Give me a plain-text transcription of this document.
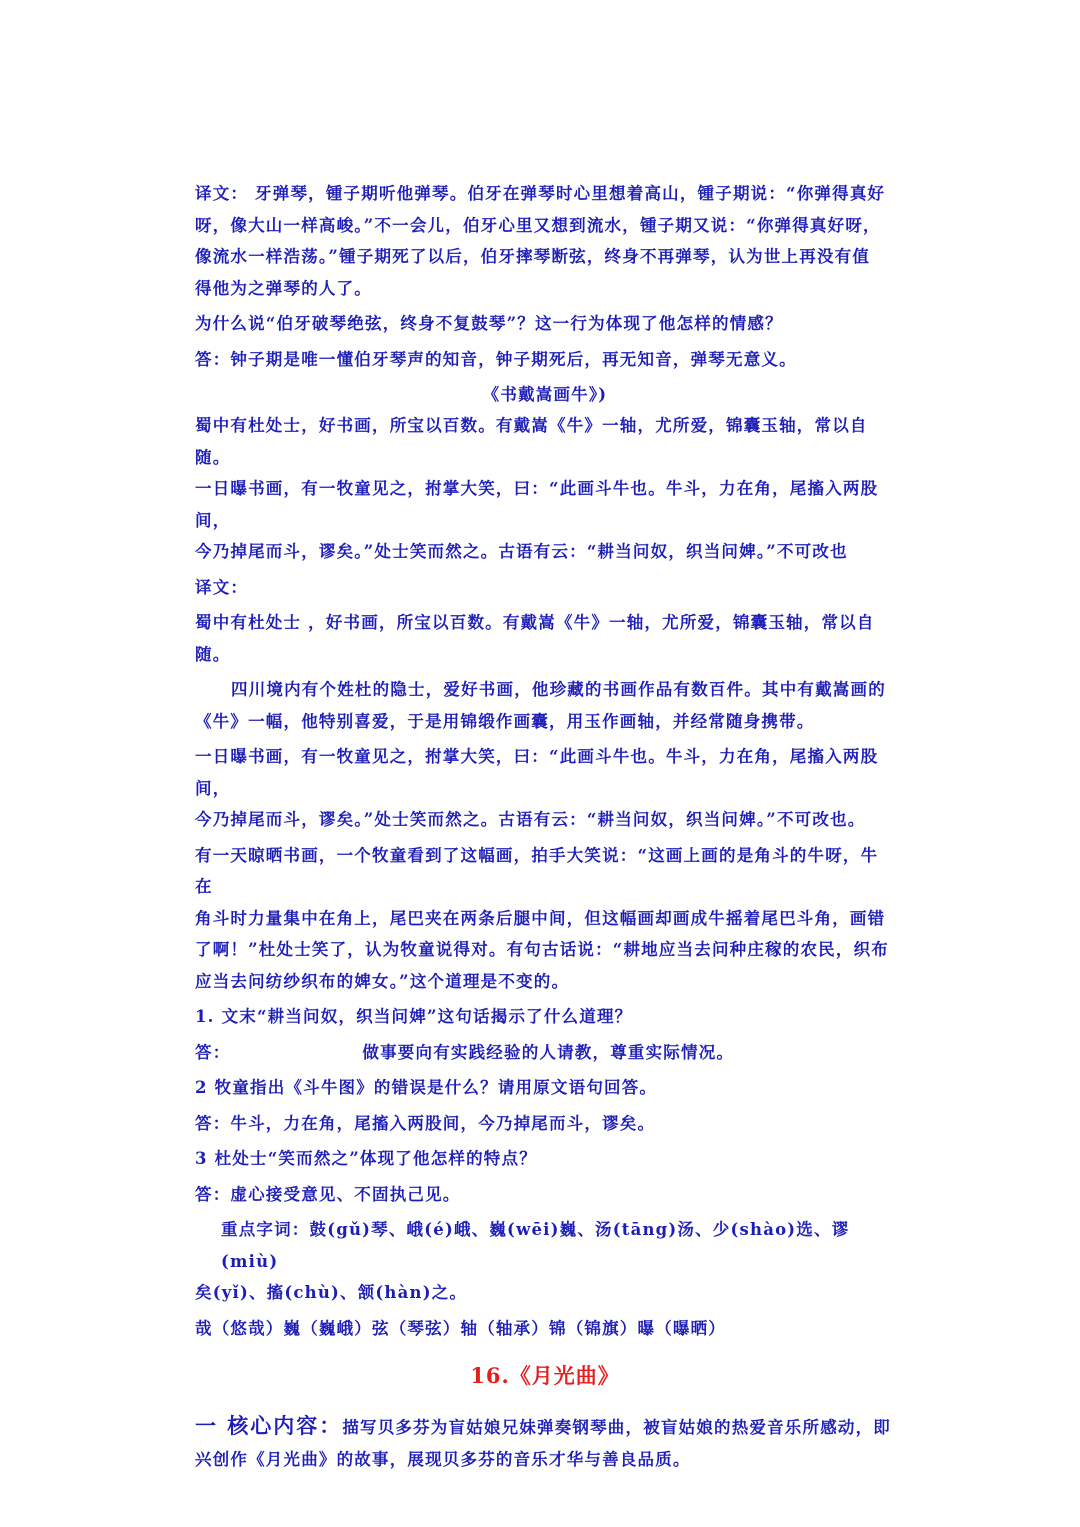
译文： 牙弹琴，锺子期听他弹琴。伯牙在弹琴时心里想着高山，锺子期说：“你弹得真好

呀，像大山一样高峻。”不一会儿，伯牙心里又想到流水，锺子期又说：“你弹得真好呀，

像流水一样浩荡。”锺子期死了以后，伯牙摔琴断弦，终身不再弹琴，认为世上再没有值

得他为之弹琴的人了。

为什么说“伯牙破琴绝弦，终身不复鼓琴”？这一行为体现了他怎样的情感？

答：钟子期是唯一懂伯牙琴声的知音，钟子期死后，再无知音，弹琴无意义。

《书戴嵩画牛》)

蜀中有杜处士，好书画，所宝以百数。有戴嵩《牛》一轴，尤所爱，锦囊玉轴，常以自随。

一日曝书画，有一牧童见之，拊掌大笑，曰：“此画斗牛也。牛斗，力在角，尾搐入两股间，

今乃掉尾而斗，谬矣。”处士笑而然之。古语有云：“耕当问奴，织当问婢。”不可改也

译文：

蜀中有杜处士 ，好书画，所宝以百数。有戴嵩《牛》一轴，尤所爱，锦囊玉轴，常以自随。

四川境内有个姓杜的隐士，爱好书画，他珍藏的书画作品有数百件。其中有戴嵩画的

《牛》一幅，他特别喜爱，于是用锦缎作画囊，用玉作画轴，并经常随身携带。

一日曝书画，有一牧童见之，拊掌大笑，曰：“此画斗牛也。牛斗，力在角，尾搐入两股间，

今乃掉尾而斗，谬矣。”处士笑而然之。古语有云：“耕当问奴，织当问婢。”不可改也。

有一天晾晒书画，一个牧童看到了这幅画，拍手大笑说：“这画上画的是角斗的牛呀，牛在

角斗时力量集中在角上，尾巴夹在两条后腿中间，但这幅画却画成牛摇着尾巴斗角，画错

了啊！”杜处士笑了，认为牧童说得对。有句古话说：“耕地应当去问种庄稼的农民，织布

应当去问纺纱织布的婢女。”这个道理是不变的。

1. 文末“耕当问奴，织当问婢”这句话揭示了什么道理？

答：	做事要向有实践经验的人请教，尊重实际情况。

2 牧童指出《斗牛图》的错误是什么？请用原文语句回答。

答：牛斗，力在角，尾搐入两股间，今乃掉尾而斗，谬矣。

3 杜处士“笑而然之”体现了他怎样的特点？

答：虚心接受意见、不固执己见。

重点字词：鼓(gǔ)琴、峨(é)峨、巍(wēi)巍、汤(tāng)汤、少(shào)选、谬(miù)

矣(yǐ)、搐(chù)、颔(hàn)之。

哉（悠哉）巍（巍峨）弦（琴弦）轴（轴承）锦（锦旗）曝（曝晒）

16.《月光曲》

一 核心内容：描写贝多芬为盲姑娘兄妹弹奏钢琴曲，被盲姑娘的热爱音乐所感动，即

兴创作《月光曲》的故事，展现贝多芬的音乐才华与善良品质。
